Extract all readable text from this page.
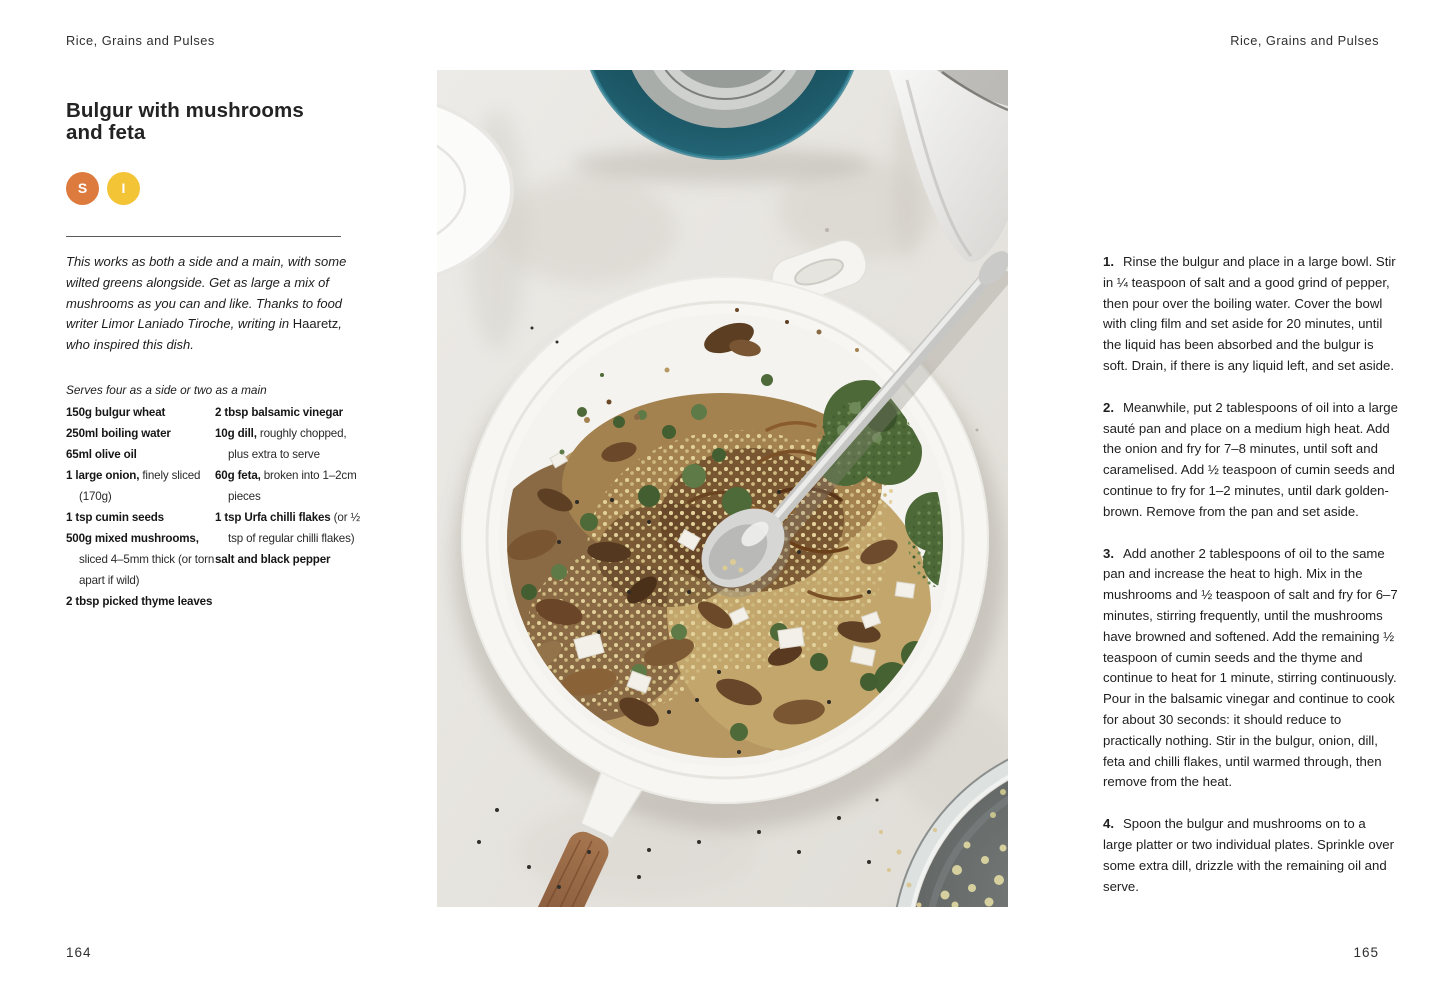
Rice, Grains and Pulses	Rice, Grains and Pulses
Bulgur with mushrooms and feta
S	I

This works as both a side and a main, with some wilted greens alongside. Get as large a mix of mushrooms as you can and like. Thanks to food writer Limor Laniado Tiroche, writing in Haaretz, who inspired this dish.

Serves four as a side or two as a main

150g bulgur wheat

250ml boiling water

65ml olive oil

1 large onion, finely sliced (170g)

1 tsp cumin seeds

500g mixed mushrooms, sliced 4–5mm thick (or torn apart if wild)

2 tbsp picked thyme leaves

2 tbsp balsamic vinegar

10g dill, roughly chopped, plus extra to serve

60g feta, broken into 1–2cm pieces

1 tsp Urfa chilli flakes (or ½ tsp of regular chilli flakes)

salt and black pepper

1. Rinse the bulgur and place in a large bowl. Stir in ¼ teaspoon of salt and a good grind of pepper, then pour over the boiling water. Cover the bowl with cling film and set aside for 20 minutes, until the liquid has been absorbed and the bulgur is soft. Drain, if there is any liquid left, and set aside.

2. Meanwhile, put 2 tablespoons of oil into a large sauté pan and place on a medium high heat. Add the onion and fry for 7–8 minutes, until soft and caramelised. Add ½ teaspoon of cumin seeds and continue to fry for 1–2 minutes, until dark golden-brown. Remove from the pan and set aside.

3. Add another 2 tablespoons of oil to the same pan and increase the heat to high. Mix in the mushrooms and ½ teaspoon of salt and fry for 6–7 minutes, stirring frequently, until the mushrooms have browned and softened. Add the remaining ½ teaspoon of cumin seeds and the thyme and continue to heat for 1 minute, stirring continuously. Pour in the balsamic vinegar and continue to cook for about 30 seconds: it should reduce to practically nothing. Stir in the bulgur, onion, dill, feta and chilli flakes, until warmed through, then remove from the heat.

4. Spoon the bulgur and mushrooms on to a large platter or two individual plates. Sprinkle over some extra dill, drizzle with the remaining oil and serve.

164	165
